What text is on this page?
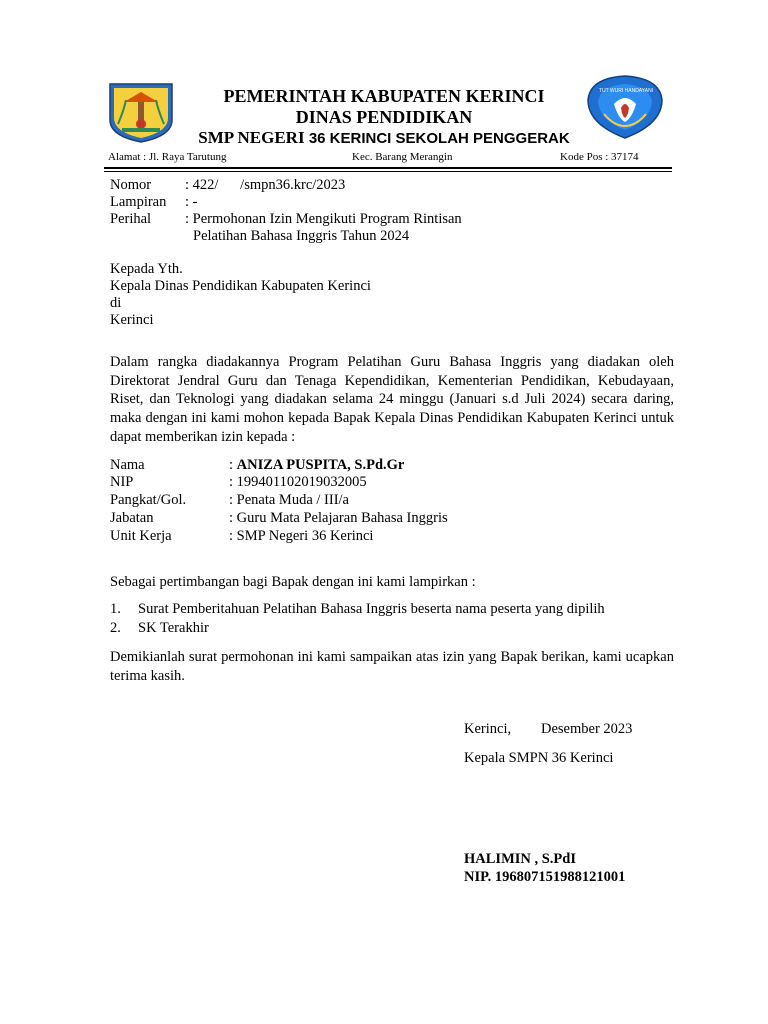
TUT WURI HANDAYANI
PEMERINTAH KABUPATEN KERINCI
DINAS PENDIDIKAN
SMP NEGERI 36 KERINCI SEKOLAH PENGGERAK
Alamat : Jl. Raya Tarutung	Kec. Barang Merangin	Kode Pos : 37174
Nomor : 422/      /smpn36.krc/2023
Lampiran : -
Perihal : Permohonan Izin Mengikuti Program Rintisan
Pelatihan Bahasa Inggris Tahun 2024
Kepada Yth.
Kepala Dinas Pendidikan Kabupaten Kerinci
di
Kerinci
Dalam rangka diadakannya Program Pelatihan Guru Bahasa Inggris yang diadakan oleh Direktorat Jendral Guru dan Tenaga Kependidikan, Kementerian Pendidikan, Kebudayaan, Riset, dan Teknologi yang diadakan selama 24 minggu (Januari s.d Juli 2024) secara daring, maka dengan ini kami mohon kepada Bapak Kepala Dinas Pendidikan Kabupaten Kerinci untuk dapat memberikan izin kepada :
Nama	: ANIZA PUSPITA, S.Pd.Gr
NIP	: 199401102019032005
Pangkat/Gol.	: Penata Muda / III/a
Jabatan	: Guru Mata Pelajaran Bahasa Inggris
Unit Kerja	: SMP Negeri 36 Kerinci
Sebagai pertimbangan bagi Bapak dengan ini kami lampirkan :
1. Surat Pemberitahuan Pelatihan Bahasa Inggris beserta nama peserta yang dipilih
2. SK Terakhir
Demikianlah surat permohonan ini kami sampaikan atas izin yang Bapak berikan, kami ucapkan terima kasih.
Kerinci, Desember 2023
Kepala SMPN 36 Kerinci
HALIMIN , S.PdI
NIP. 196807151988121001
